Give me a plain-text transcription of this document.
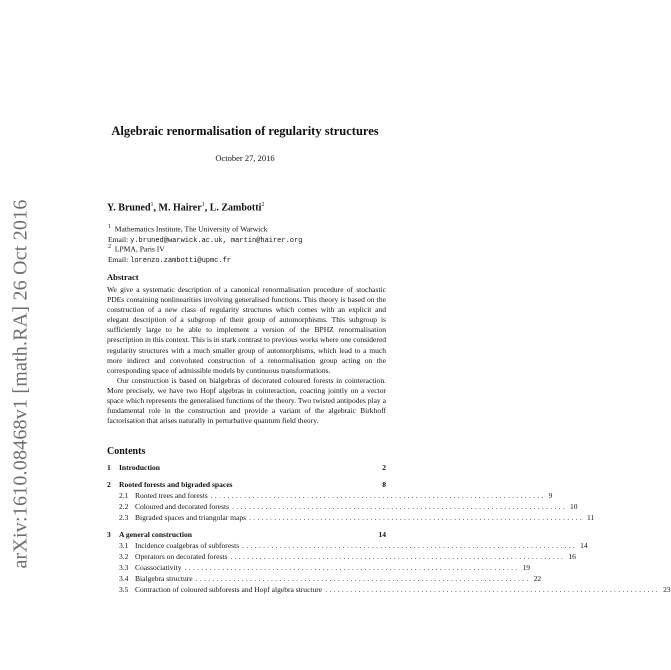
arXiv:1610.08468v1 [math.RA] 26 Oct 2016
Algebraic renormalisation of regularity structures
October 27, 2016
Y. Bruned$^1$, M. Hairer$^1$, L. Zambotti$^2$
$^1$ Mathematics Institute, The University of Warwick
Email: y.bruned@warwick.ac.uk, martin@hairer.org
$^2$ LPMA, Paris IV
Email: lorenzo.zambotti@upmc.fr
Abstract

We give a systematic description of a canonical renormalisation procedure of stochastic PDEs containing nonlinearities involving generalised functions. This theory is based on the construction of a new class of regularity structures which comes with an explicit and elegant description of a subgroup of their group of automorphisms. This subgroup is sufficiently large to be able to implement a version of the BPHZ renormalisation prescription in this context. This is in stark contrast to previous works where one considered regularity structures with a much smaller group of automorphisms, which lead to a much more indirect and convoluted construction of a renormalisation group acting on the corresponding space of admissible models by continuous transformations.

Our construction is based on bialgebras of decorated coloured forests in cointeraction. More precisely, we have two Hopf algebras in cointeraction, coacting jointly on a vector space which represents the generalised functions of the theory. Two twisted antipodes play a fundamental role in the construction and provide a variant of the algebraic Birkhoff factorisation that arises naturally in perturbative quantum field theory.

Contents
1	Introduction	2
2	Rooted forests and bigraded spaces	8
2.1 Rooted trees and forests ................................................................................ 9
2.2 Coloured and decorated forests ................................................................................ 10
2.3 Bigraded spaces and triangular maps ................................................................................ 11
3	A general construction	14
3.1 Incidence coalgebras of subforests ................................................................................ 14
3.2 Operators on decorated forests ................................................................................ 16
3.3 Coassociativity ................................................................................ 19
3.4 Bialgebra structure ................................................................................ 22
3.5 Contraction of coloured subforests and Hopf algebra structure ................................................................................ 23
